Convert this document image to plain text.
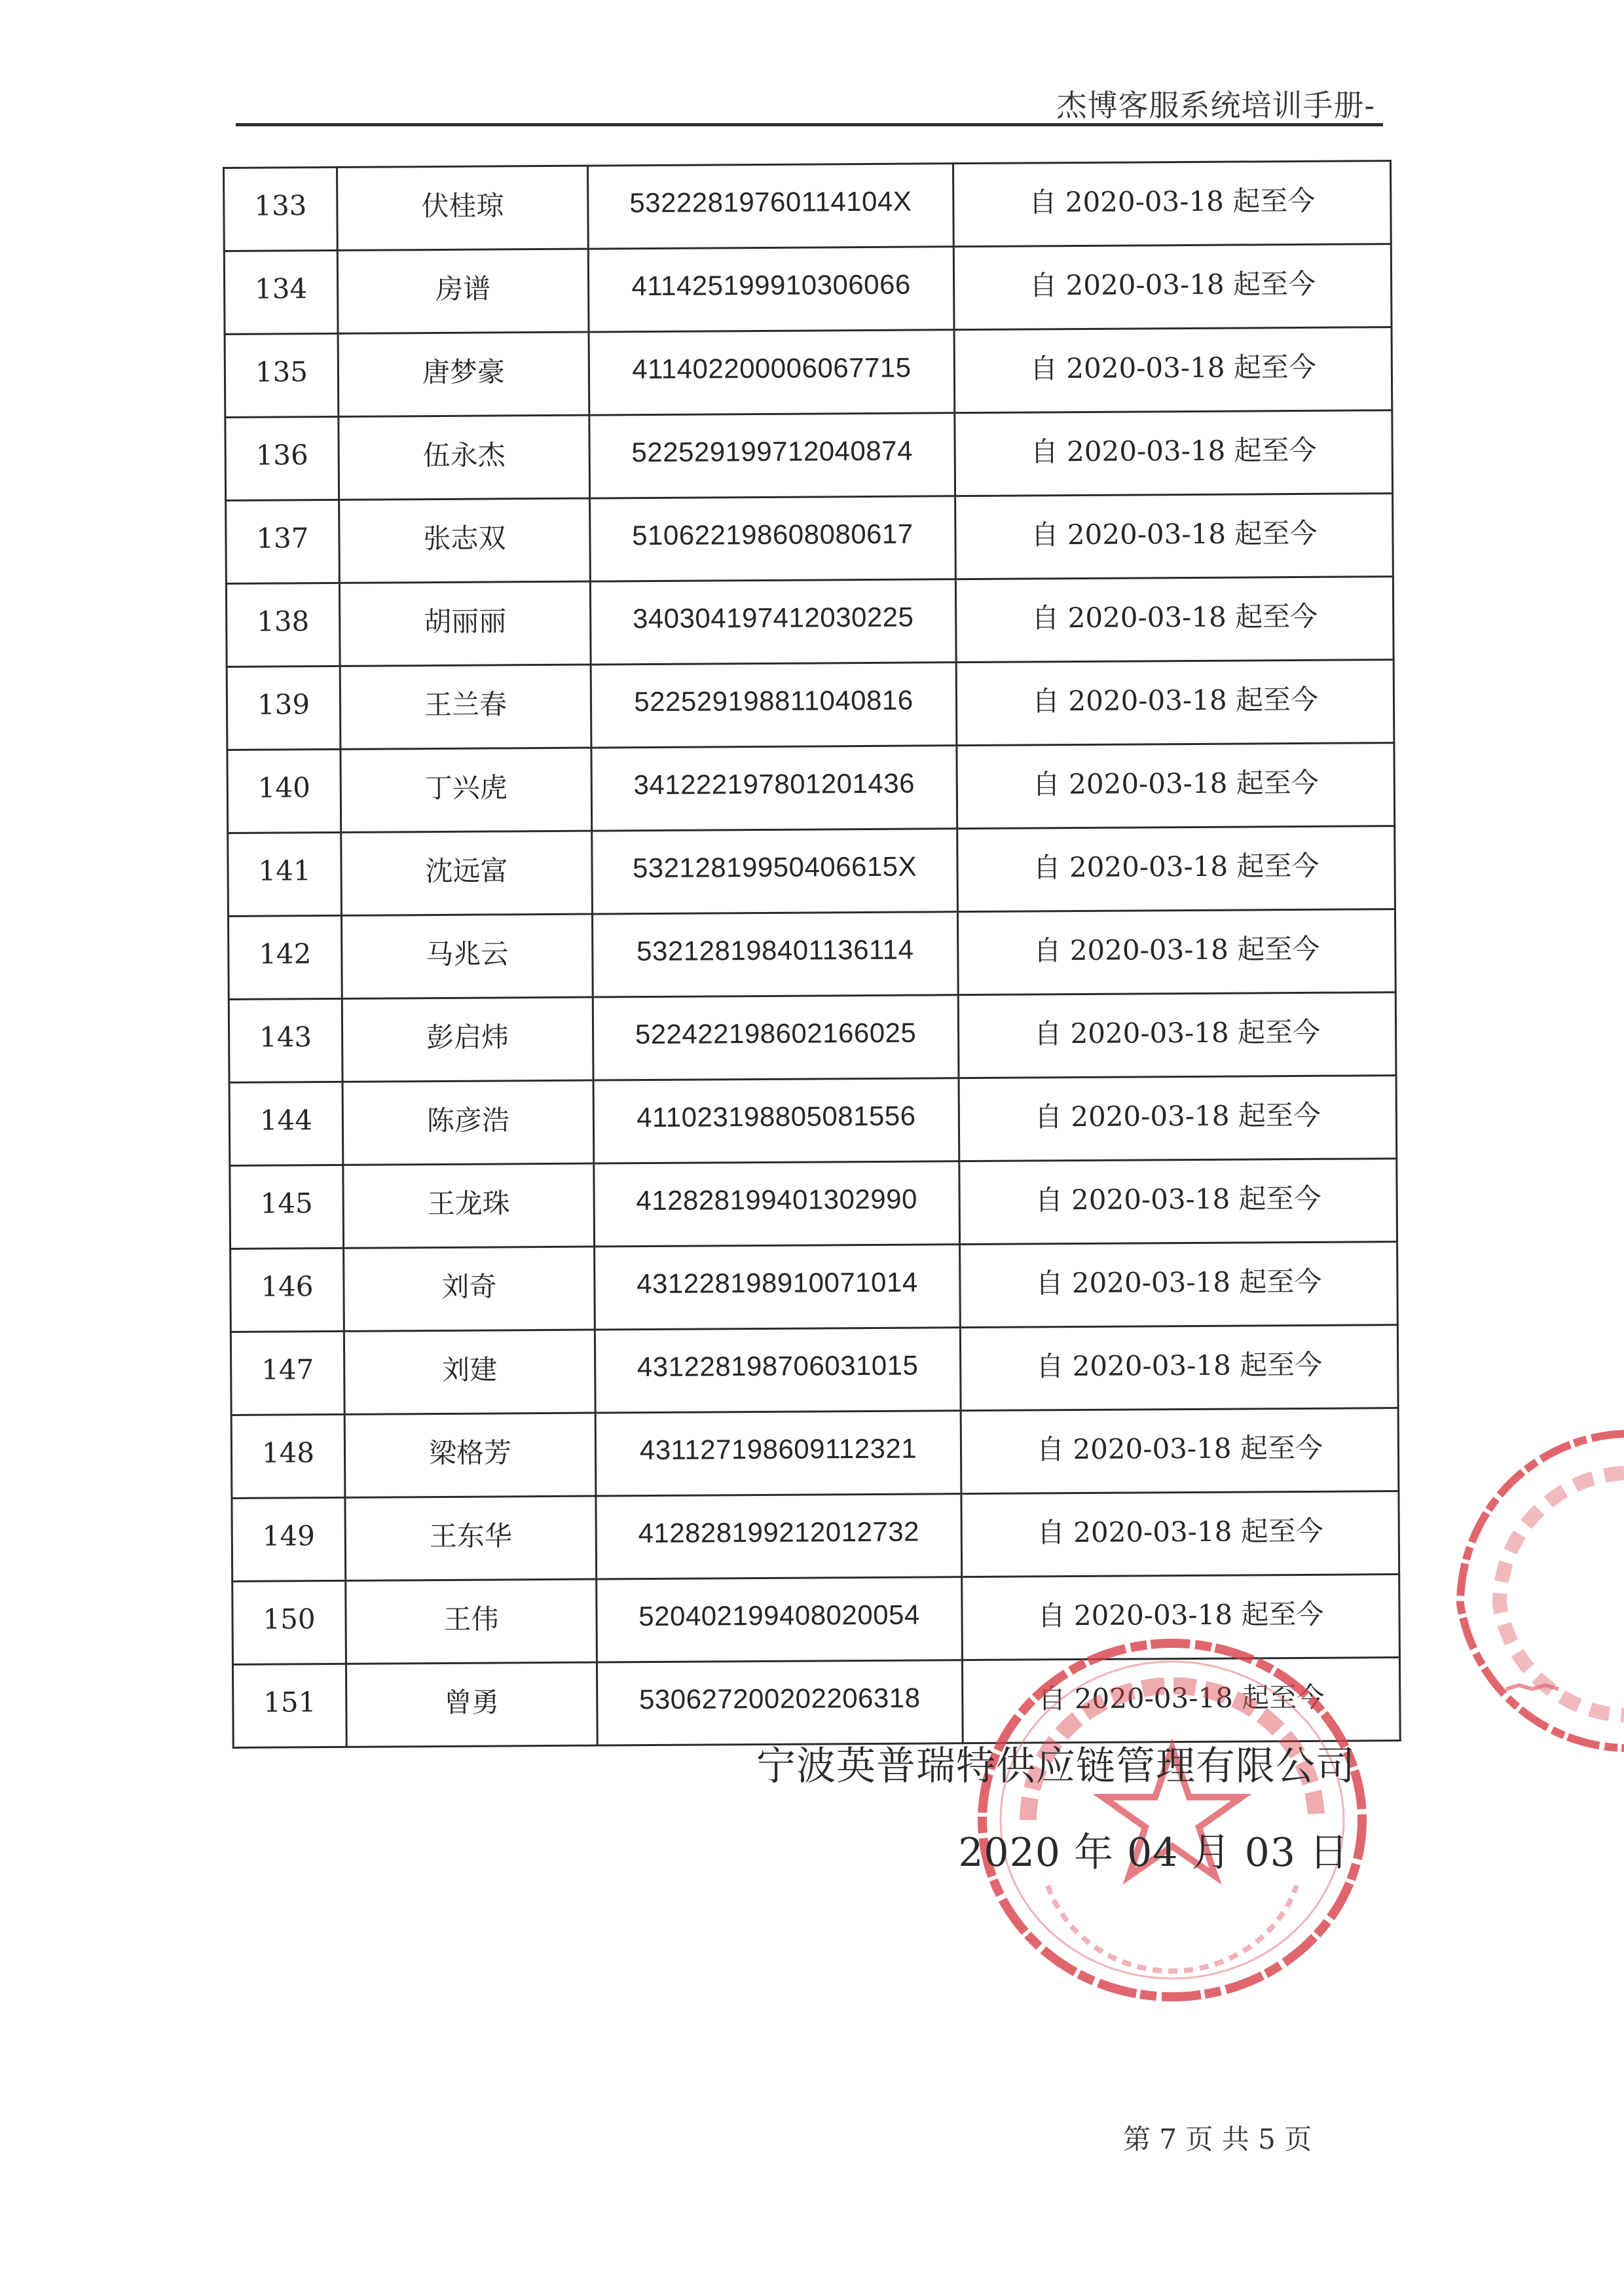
杰博客服系统培训手册-
133	伏桂琼	53222819760114104X	自 2020-03-18 起至今
134	房谱	411425199910306066	自 2020-03-18 起至今
135	唐梦豪	411402200006067715	自 2020-03-18 起至今
136	伍永杰	522529199712040874	自 2020-03-18 起至今
137	张志双	510622198608080617	自 2020-03-18 起至今
138	胡丽丽	340304197412030225	自 2020-03-18 起至今
139	王兰春	522529198811040816	自 2020-03-18 起至今
140	丁兴虎	341222197801201436	自 2020-03-18 起至今
141	沈远富	53212819950406615X	自 2020-03-18 起至今
142	马兆云	532128198401136114	自 2020-03-18 起至今
143	彭启炜	522422198602166025	自 2020-03-18 起至今
144	陈彦浩	411023198805081556	自 2020-03-18 起至今
145	王龙珠	412828199401302990	自 2020-03-18 起至今
146	刘奇	431228198910071014	自 2020-03-18 起至今
147	刘建	431228198706031015	自 2020-03-18 起至今
148	梁格芳	431127198609112321	自 2020-03-18 起至今
149	王东华	412828199212012732	自 2020-03-18 起至今
150	王伟	520402199408020054	自 2020-03-18 起至今
151	曾勇	530627200202206318	自 2020-03-18 起至今
宁波英普瑞特供应链管理有限公司
2020 年 04 月 03 日
第 7 页 共 5 页
